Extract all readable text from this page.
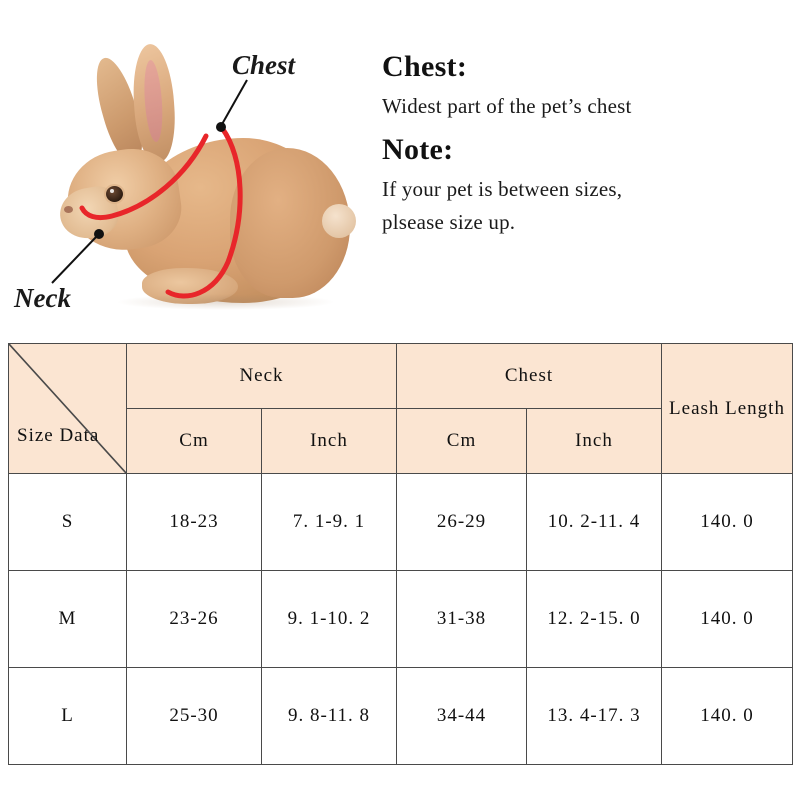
Chest
Neck

Chest:

Widest part of the pet’s chest

Note:

If your pet is between sizes,

plsease size up.

Size Data	Neck		Chest		Leash Length
	Cm	Inch	Cm	Inch	
S	18-23	7. 1-9. 1	26-29	10. 2-11. 4	140. 0
M	23-26	9. 1-10. 2	31-38	12. 2-15. 0	140. 0
L	25-30	9. 8-11. 8	34-44	13. 4-17. 3	140. 0
